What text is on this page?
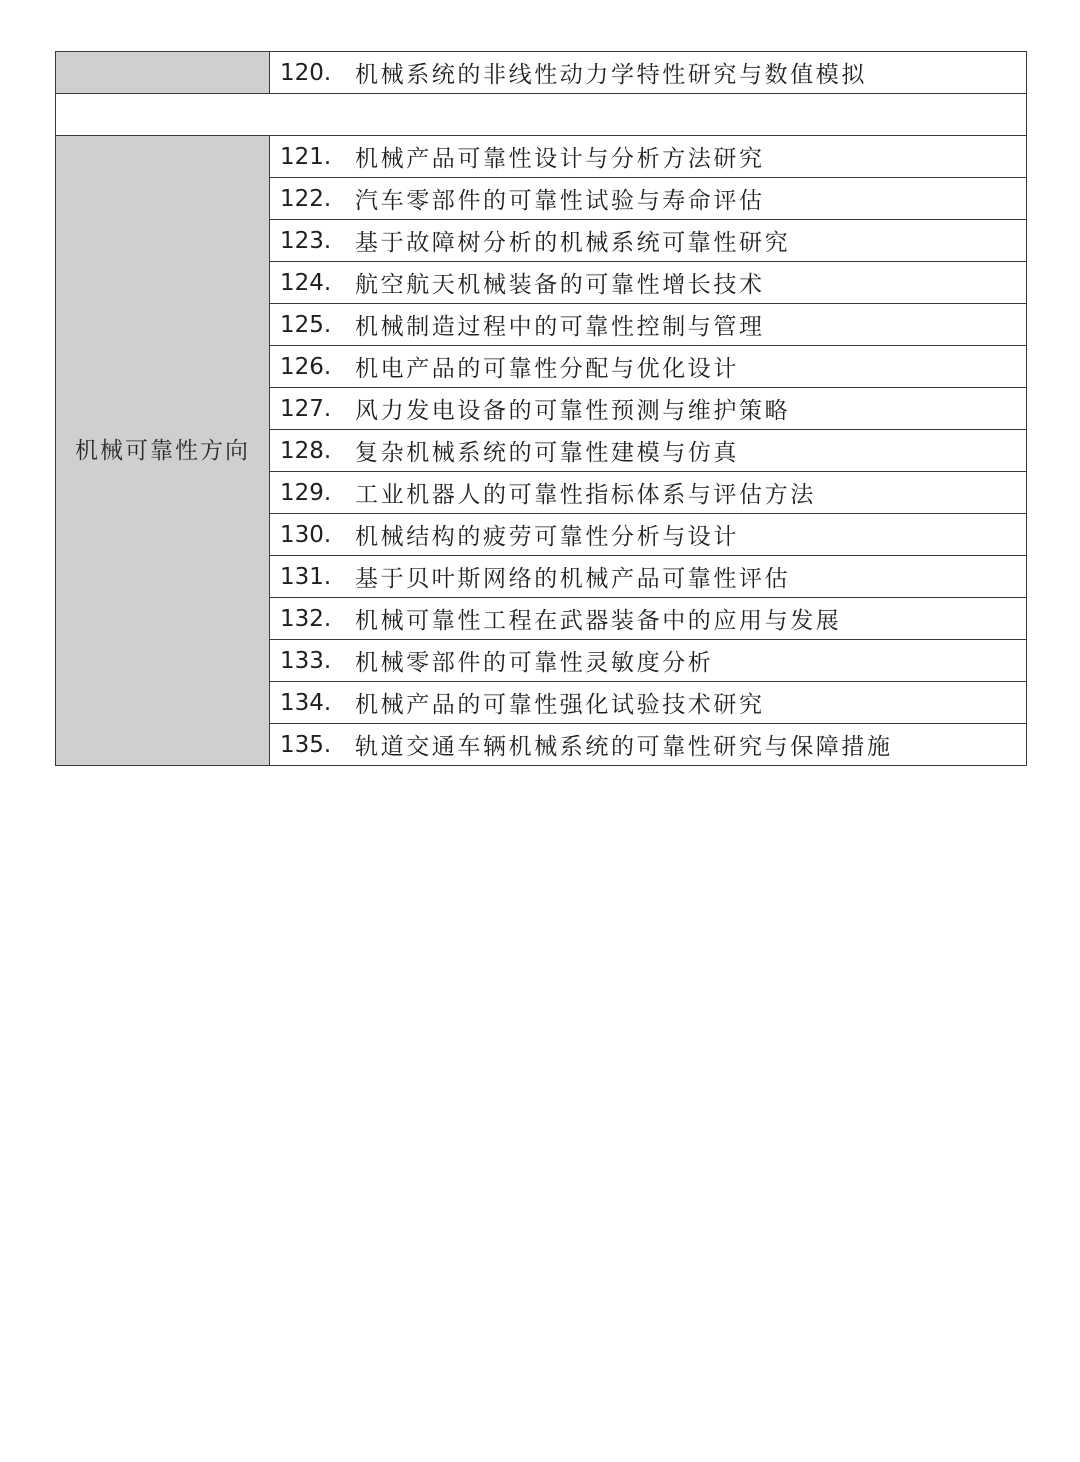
	120. 机械系统的非线性动力学特性研究与数值模拟

机械可靠性方向	121. 机械产品可靠性设计与分析方法研究

	122. 汽车零部件的可靠性试验与寿命评估

	123. 基于故障树分析的机械系统可靠性研究

	124. 航空航天机械装备的可靠性增长技术

	125. 机械制造过程中的可靠性控制与管理

	126. 机电产品的可靠性分配与优化设计

	127. 风力发电设备的可靠性预测与维护策略

	128. 复杂机械系统的可靠性建模与仿真

	129. 工业机器人的可靠性指标体系与评估方法

	130. 机械结构的疲劳可靠性分析与设计

	131. 基于贝叶斯网络的机械产品可靠性评估

	132. 机械可靠性工程在武器装备中的应用与发展

	133. 机械零部件的可靠性灵敏度分析

	134. 机械产品的可靠性强化试验技术研究

	135. 轨道交通车辆机械系统的可靠性研究与保障措施
